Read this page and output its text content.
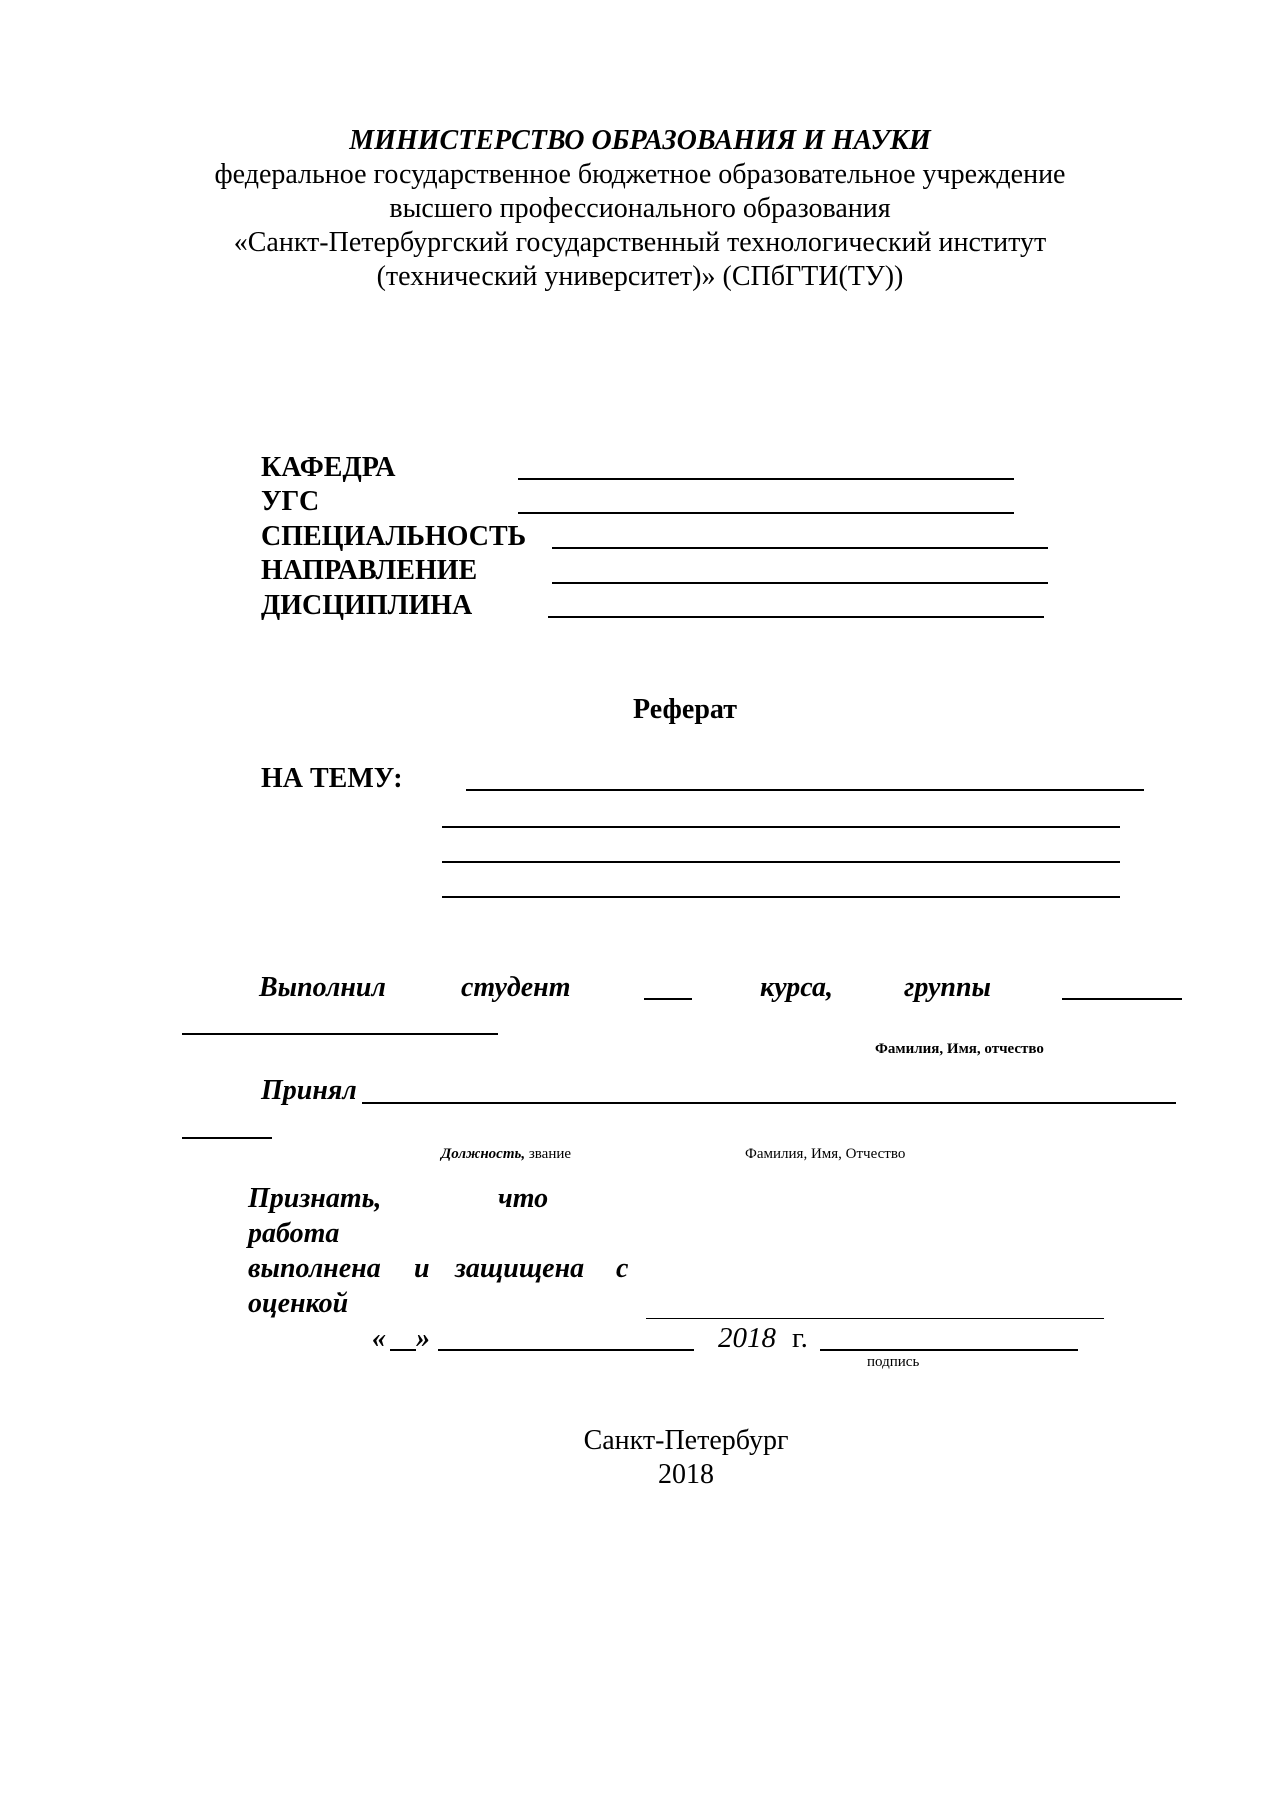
МИНИСТЕРСТВО ОБРАЗОВАНИЯ И НАУКИ
федеральное государственное бюджетное образовательное учреждение
высшего профессионального образования
«Санкт-Петербургский государственный технологический институт
(технический университет)» (СПбГТИ(ТУ))
КАФЕДРА
УГС
СПЕЦИАЛЬНОСТЬ
НАПРАВЛЕНИЕ
ДИСЦИПЛИНА
Реферат
НА ТЕМУ:
Выполнил	студент	курса,	группы
Фамилия, Имя, отчество
Принял
Должность, звание	Фамилия, Имя, Отчество
Признать,	что
работа
выполнена и защищена с
оценкой
« »	2018 г.
подпись
Санкт-Петербург
2018
